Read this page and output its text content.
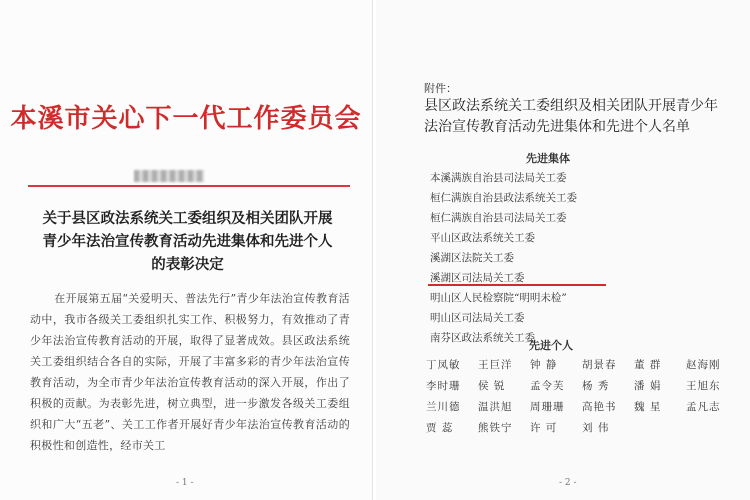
本溪市关心下一代工作委员会
关于县区政法系统关工委组织及相关团队开展
青少年法治宣传教育活动先进集体和先进个人
的表彰决定
在开展第五届“关爱明天、普法先行”青少年法治宣传教育活动中，我市各级关工委组织扎实工作、积极努力，有效推动了青少年法治宣传教育活动的开展，取得了显著成效。县区政法系统关工委组织结合各自的实际，开展了丰富多彩的青少年法治宣传教育活动，为全市青少年法治宣传教育活动的深入开展，作出了积极的贡献。为表彰先进，树立典型，进一步激发各级关工委组织和广大“五老”、关工工作者开展好青少年法治宣传教育活动的积极性和创造性，经市关工
- 1 -
附件：
县区政法系统关工委组织及相关团队开展青少年法治宣传教育活动先进集体和先进个人名单
先进集体
本溪满族自治县司法局关工委
桓仁满族自治县政法系统关工委
桓仁满族自治县司法局关工委
平山区政法系统关工委
溪湖区法院关工委
溪湖区司法局关工委
明山区人民检察院“明明未检”
明山区司法局关工委
南芬区政法系统关工委
先进个人
丁凤敏	王巨洋	钟 静	胡景春	董 群	赵海刚
李时珊	侯 锐	孟令芙	杨 秀	潘 娟	王旭东
兰川德	温洪旭	周珊珊	高艳书	魏 星	孟凡志
贾 蕊	熊铁宁	许 可	刘 伟
- 2 -
